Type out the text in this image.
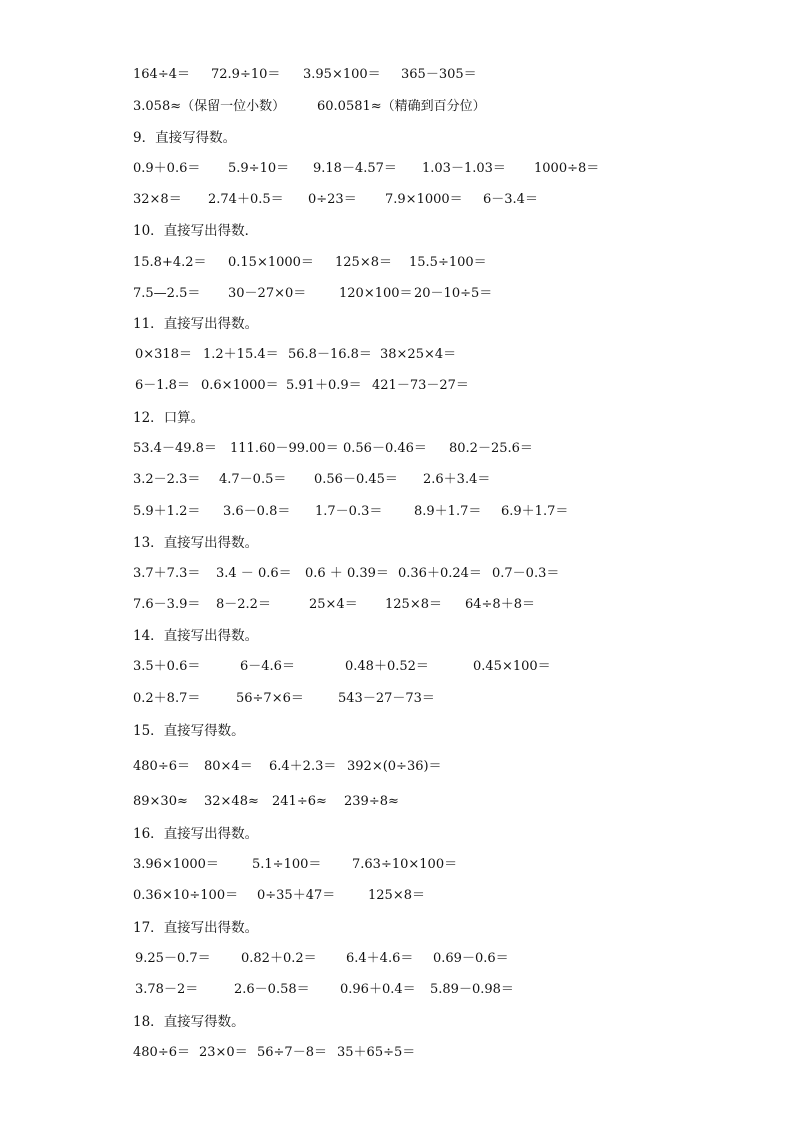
164÷4＝ 72.9÷10＝ 3.95×100＝ 365－305＝
3.058≈（保留一位小数） 60.0581≈（精确到百分位）
9．直接写得数。
0.9＋0.6＝ 5.9÷10＝ 9.18－4.57＝ 1.03－1.03＝ 1000÷8＝
32×8＝ 2.74＋0.5＝ 0÷23＝ 7.9×1000＝ 6－3.4＝
10．直接写出得数．
15.8+4.2＝ 0.15×1000＝ 125×8＝ 15.5÷100＝
7.5—2.5＝ 30－27×0＝	120×100＝ 20－10÷5＝
11．直接写出得数。
0×318＝ 1.2＋15.4＝ 56.8－16.8＝ 38×25×4＝
6－1.8＝ 0.6×1000＝ 5.91＋0.9＝ 421－73－27＝
12．口算。
53.4－49.8＝ 111.60－99.00＝ 0.56－0.46＝ 80.2－25.6＝
3.2－2.3＝ 4.7－0.5＝ 0.56－0.45＝ 2.6＋3.4＝
5.9＋1.2＝ 3.6－0.8＝ 1.7－0.3＝ 8.9＋1.7＝ 6.9＋1.7＝
13．直接写出得数。
3.7＋7.3＝ 3.4 － 0.6＝ 0.6 ＋ 0.39＝ 0.36＋0.24＝ 0.7－0.3＝
7.6－3.9＝ 8－2.2＝	25×4＝ 125×8＝ 64÷8＋8＝
14．直接写出得数。
3.5＋0.6＝	6－4.6＝	0.48＋0.52＝	0.45×100＝
0.2＋8.7＝	56÷7×6＝	543－27－73＝
15．直接写得数。
480÷6＝ 80×4＝ 6.4＋2.3＝ 392×(0÷36)＝
89×30≈ 32×48≈ 241÷6≈ 239÷8≈
16．直接写出得数。
3.96×1000＝	5.1÷100＝ 7.63÷10×100＝
0.36×10÷100＝ 0÷35＋47＝	125×8＝
17．直接写出得数。
9.25－0.7＝ 0.82＋0.2＝ 6.4＋4.6＝ 0.69－0.6＝
3.78－2＝	2.6－0.58＝ 0.96＋0.4＝ 5.89－0.98＝
18．直接写得数。
480÷6＝ 23×0＝ 56÷7－8＝ 35＋65÷5＝
